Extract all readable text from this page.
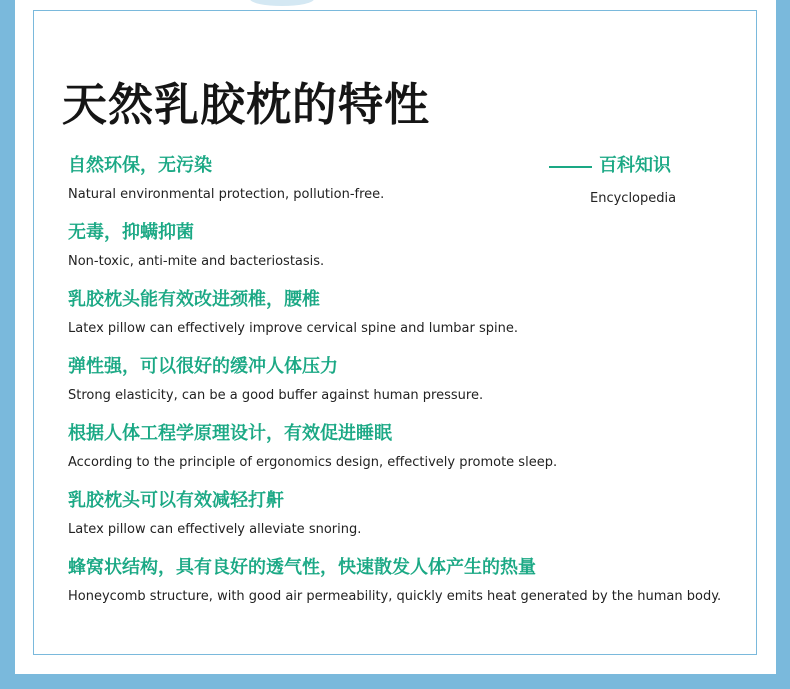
天然乳胶枕的特性
百科知识
Encyclopedia
自然环保，无污染
Natural environmental protection, pollution-free.
无毒，抑螨抑菌
Non-toxic, anti-mite and bacteriostasis.
乳胶枕头能有效改进颈椎，腰椎
Latex pillow can effectively improve cervical spine and lumbar spine.
弹性强，可以很好的缓冲人体压力
Strong elasticity, can be a good buffer against human pressure.
根据人体工程学原理设计，有效促进睡眠
According to the principle of ergonomics design, effectively promote sleep.
乳胶枕头可以有效减轻打鼾
Latex pillow can effectively alleviate snoring.
蜂窝状结构，具有良好的透气性，快速散发人体产生的热量
Honeycomb structure, with good air permeability, quickly emits heat generated by the human body.
